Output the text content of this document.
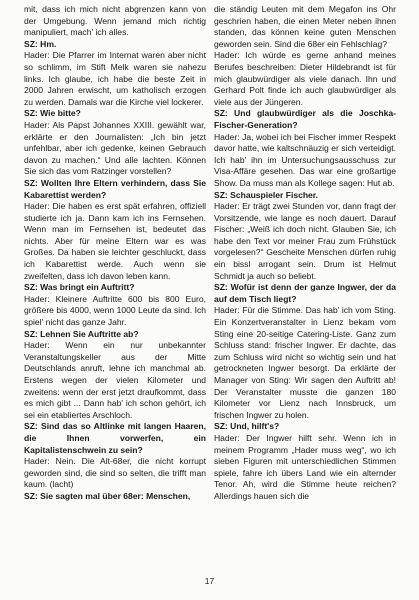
mit, dass ich mich nicht abgrenzen kann von der Umgebung. Wenn jemand mich richtig manipuliert, mach' ich alles.

SZ: Hm.

Hader: Die Pfarrer im Internat waren aber nicht so schlimm, im Stift Melk waren sie nahezu links. Ich glaube, ich habe die beste Zeit in 2000 Jahren erwischt, um katholisch erzogen zu werden. Damals war die Kirche viel lockerer.

SZ: Wie bitte?

Hader: Als Papst Johannes XXIII. gewählt war, erklärte er den Journalisten: „Ich bin jetzt unfehlbar, aber ich gedenke, keinen Gebrauch davon zu machen.“ Und alle lachten. Können Sie sich das vom Ratzinger vorstellen?

SZ: Wollten Ihre Eltern verhindern, dass Sie Kabarettist werden?

Hader: Die haben es erst spät erfahren, offiziell studierte ich ja. Dann kam ich ins Fernsehen. Wenn man im Fernsehen ist, bedeutet das nichts. Aber für meine Eltern war es was Großes. Da haben sie leichter geschluckt, dass ich Kabarettist werde. Auch wenn sie zweifelten, dass ich davon leben kann.

SZ: Was bringt ein Auftritt?

Hader: Kleinere Auftritte 600 bis 800 Euro, größere bis 4000, wenn 1000 Leute da sind. Ich spiel' nicht das ganze Jahr.

SZ: Lehnen Sie Auftritte ab?

Hader: Wenn ein nur unbekannter Veranstaltungskeller aus der Mitte Deutschlands anruft, lehne ich manchmal ab. Erstens wegen der vielen Kilometer und zweitens: wenn der erst jetzt draufkommt, dass es mich gibt ... Dann hab' ich schon gehört, ich sei ein etabliertes Arschloch.

SZ: Sind das so Altlinke mit langen Haaren, die Ihnen vorwerfen, ein Kapitalistenschwein zu sein?

Hader: Nein. Die Alt-68er, die nicht korrupt geworden sind, die sind so selten, die trifft man kaum. (lacht)

SZ: Sie sagten mal über 68er: Menschen,

die ständig Leuten mit dem Megafon ins Ohr geschrien haben, die einen Meter neben ihnen standen, das können keine guten Menschen geworden sein. Sind die 68er ein Fehlschlag?

Hader: Ich würde es gerne anhand meines Berufes beschreiben: Dieter Hildebrandt ist für mich glaubwürdiger als viele danach. Ihn und Gerhard Polt finde ich auch glaubwürdiger als viele aus der Jüngeren.

SZ: Und glaubwürdiger als die Joschka-Fischer-Generation?

Hader: Ja, wobei ich bei Fischer immer Respekt davor hatte, wie kaltschnäuzig er sich verteidigt. Ich hab' ihn im Untersuchungsausschuss zur Visa-Affäre gesehen. Das war eine großartige Show. Da muss man als Kollege sagen: Hut ab.

SZ: Schauspieler Fischer.

Hader: Er trägt zwei Stunden vor, dann fragt der Vorsitzende, wie lange es noch dauert. Darauf Fischer: „Weiß ich doch nicht. Glauben Sie, ich habe den Text vor meiner Frau zum Frühstück vorgelesen?“ Gescheite Menschen dürfen ruhig ein bissl arrogant sein. Drum ist Helmut Schmidt ja auch so beliebt.

SZ: Wofür ist denn der ganze Ingwer, der da auf dem Tisch liegt?

Hader: Für die Stimme. Das hab' ich vom Sting. Ein Konzertveranstalter in Lienz bekam vom Sting eine 20-seitige Catering-Liste. Ganz zum Schluss stand: frischer Ingwer. Er dachte, das zum Schluss wird nicht so wichtig sein und hat getrockneten Ingwer besorgt. Da erklärte der Manager von Sting: Wir sagen den Auftritt ab! Der Veranstalter musste die ganzen 180 Kilometer vor Lienz nach Innsbruck, um frischen Ingwer zu holen.

SZ: Und, hilft's?

Hader: Der Ingwer hilft sehr. Wenn ich in meinem Programm „Hader muss weg“, wo ich sieben Figuren mit unterschiedlichen Stimmen spiele, fahre ich übers Land wie ein alternder Tenor. Ah, wird die Stimme heute reichen? Allerdings hauen sich die

17
